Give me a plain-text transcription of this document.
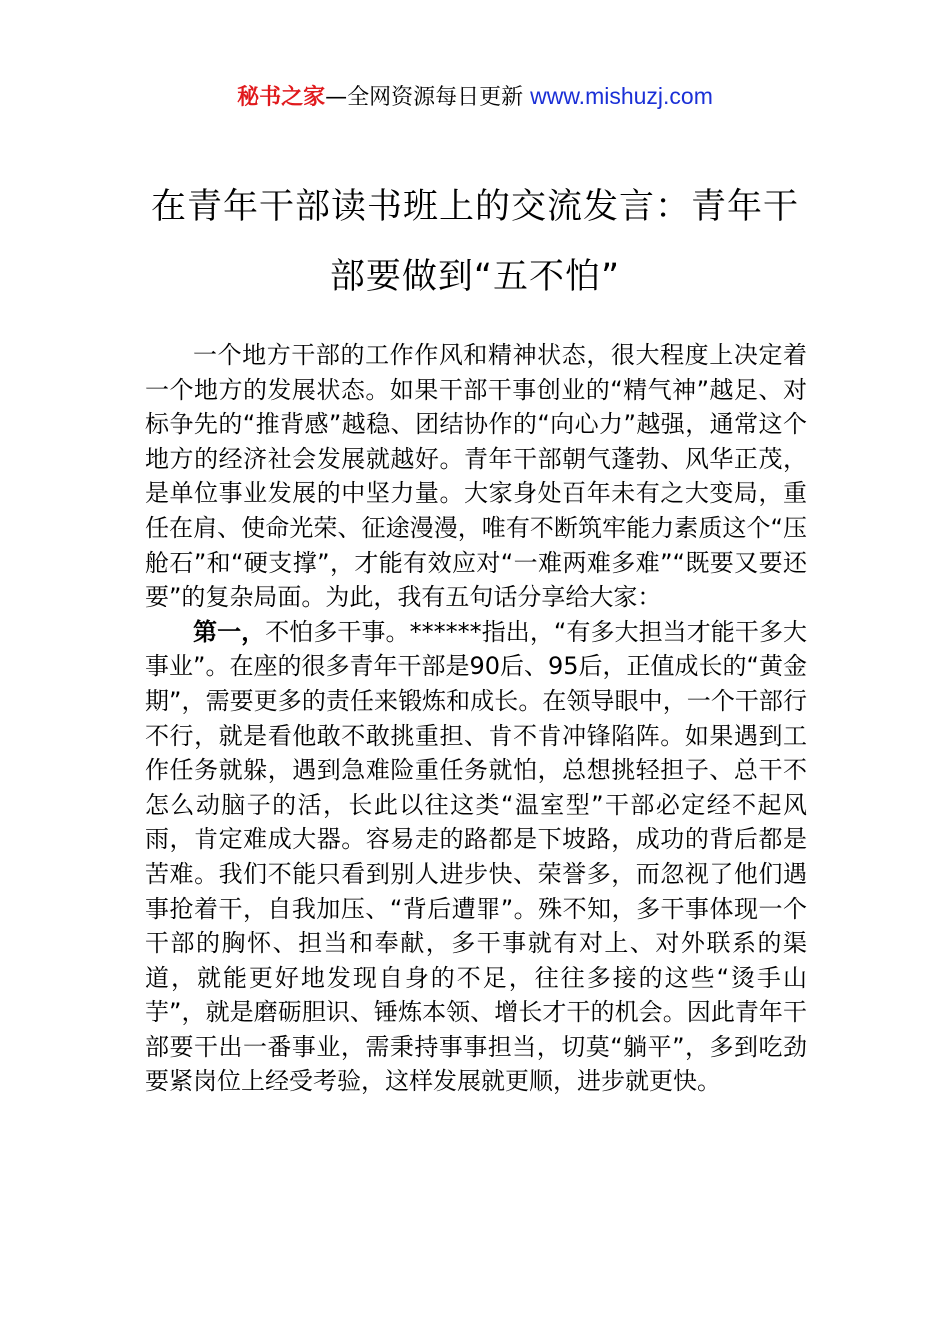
秘书之家—全网资源每日更新 www.mishuzj.com
在青年干部读书班上的交流发言：青年干部要做到“五不怕”

一个地方干部的工作作风和精神状态，很大程度上决定着一个地方的发展状态。如果干部干事创业的“精气神”越足、对标争先的“推背感”越稳、团结协作的“向心力”越强，通常这个地方的经济社会发展就越好。青年干部朝气蓬勃、风华正茂，是单位事业发展的中坚力量。大家身处百年未有之大变局，重任在肩、使命光荣、征途漫漫，唯有不断筑牢能力素质这个“压舱石”和“硬支撑”，才能有效应对“一难两难多难”“既要又要还要”的复杂局面。为此，我有五句话分享给大家：

第一，不怕多干事。******指出，“有多大担当才能干多大事业”。在座的很多青年干部是90后、95后，正值成长的“黄金期”，需要更多的责任来锻炼和成长。在领导眼中，一个干部行不行，就是看他敢不敢挑重担、肯不肯冲锋陷阵。如果遇到工作任务就躲，遇到急难险重任务就怕，总想挑轻担子、总干不怎么动脑子的活，长此以往这类“温室型”干部必定经不起风雨，肯定难成大器。容易走的路都是下坡路，成功的背后都是苦难。我们不能只看到别人进步快、荣誉多，而忽视了他们遇事抢着干，自我加压、“背后遭罪”。殊不知，多干事体现一个干部的胸怀、担当和奉献，多干事就有对上、对外联系的渠道，就能更好地发现自身的不足，往往多接的这些“烫手山芋”，就是磨砺胆识、锤炼本领、增长才干的机会。因此青年干部要干出一番事业，需秉持事事担当，切莫“躺平”，多到吃劲要紧岗位上经受考验，这样发展就更顺，进步就更快。
